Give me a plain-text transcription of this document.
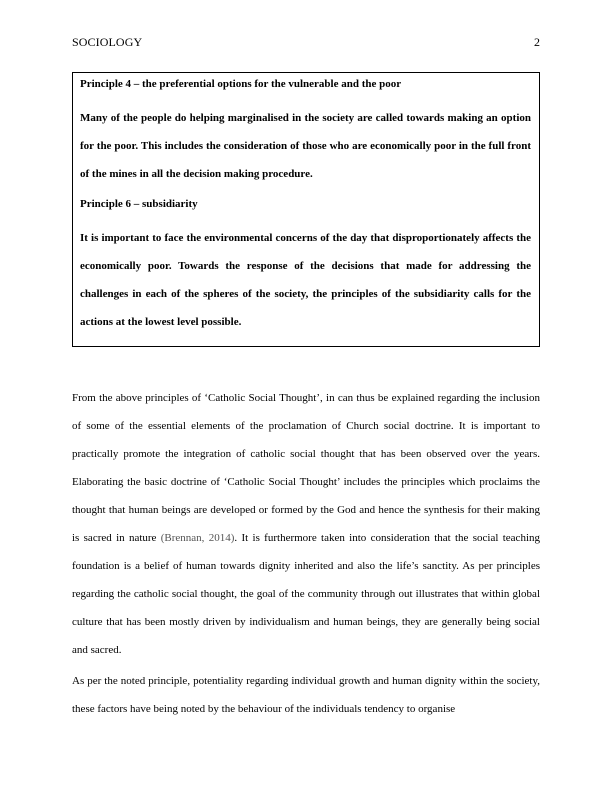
SOCIOLOGY	2

Principle 4 – the preferential options for the vulnerable and the poor

Many of the people do helping marginalised in the society are called towards making an option for the poor. This includes the consideration of those who are economically poor in the full front of the mines in all the decision making procedure.

Principle 6 – subsidiarity

It is important to face the environmental concerns of the day that disproportionately affects the economically poor. Towards the response of the decisions that made for addressing the challenges in each of the spheres of the society, the principles of the subsidiarity calls for the actions at the lowest level possible.

From the above principles of ‘Catholic Social Thought’, in can thus be explained regarding the inclusion of some of the essential elements of the proclamation of Church social doctrine. It is important to practically promote the integration of catholic social thought that has been observed over the years. Elaborating the basic doctrine of ‘Catholic Social Thought’ includes the principles which proclaims the thought that human beings are developed or formed by the God and hence the synthesis for their making is sacred in nature (Brennan, 2014). It is furthermore taken into consideration that the social teaching foundation is a belief of human towards dignity inherited and also the life’s sanctity. As per principles regarding the catholic social thought, the goal of the community through out illustrates that within global culture that has been mostly driven by individualism and human beings, they are generally being social and sacred.

As per the noted principle, potentiality regarding individual growth and human dignity within the society, these factors have being noted by the behaviour of the individuals tendency to organise
